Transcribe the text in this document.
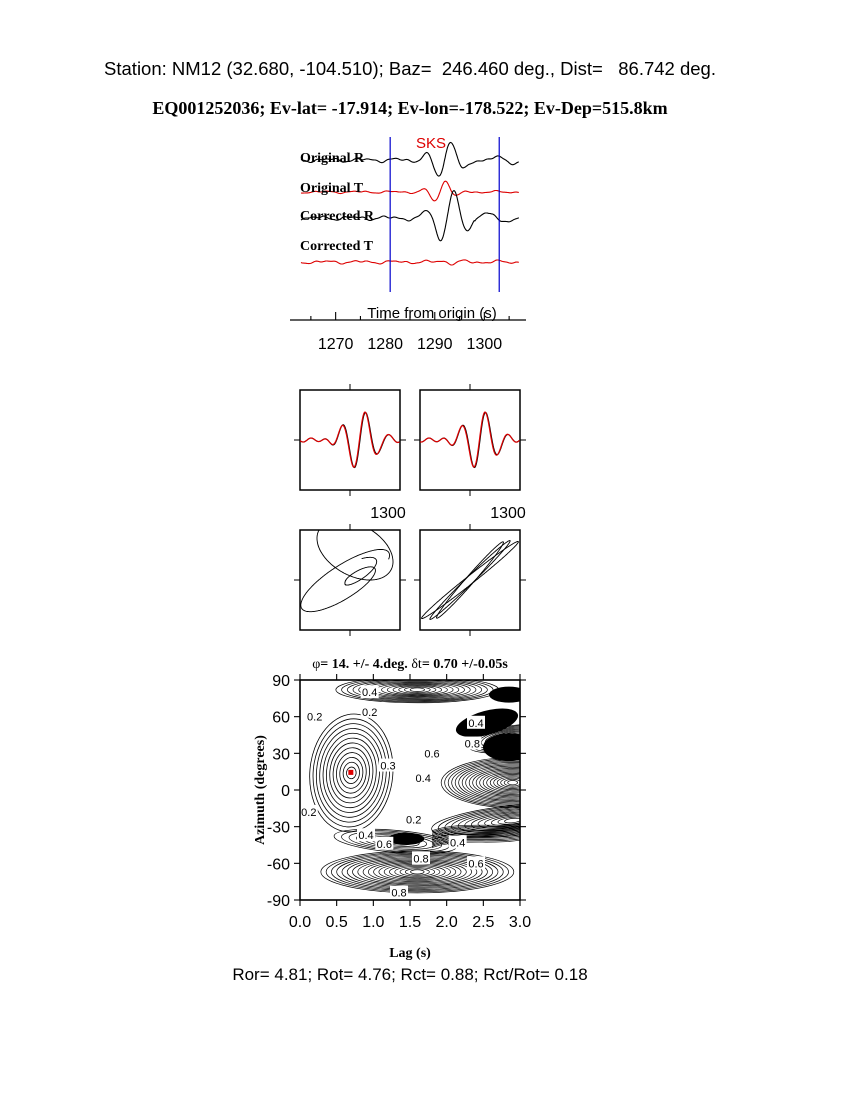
Station: NM12 (32.680, -104.510); Baz=  246.460 deg., Dist=   86.742 deg.
EQ001252036; Ev-lat= -17.914; Ev-lon=-178.522; Ev-Dep=515.8km
Original R
Original T
Corrected R
Corrected T
SKS
1270 1280 1290 1300
Time from origin (s)
1300	1300
φ= 14. +/- 4.deg. δt= 0.70 +/-0.05s
0.4
0.2	0.2
0.4
0.8
0.6
0.3
0.4
0.2
0.2
0.4
0.6	0.4
0.8	0.6
0.8
0.0 0.5 1.0 1.5 2.0 2.5 3.0
90
60
30
0
-30
-60
-90
Lag (s)
Azimuth (degrees)
Ror= 4.81; Rot= 4.76; Rct= 0.88; Rct/Rot= 0.18
